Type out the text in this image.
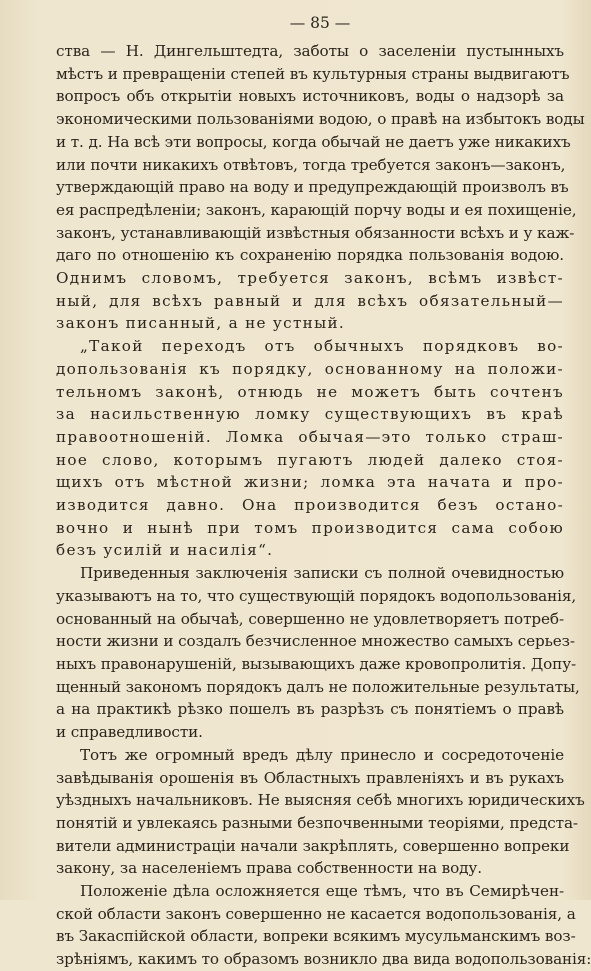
— 85 —

ства — Н. Дингельштедта, заботы о заселеніи пустынныхъ
мѣстъ и превращеніи степей въ культурныя страны выдвигаютъ
вопросъ объ открытіи новыхъ источниковъ, воды о надзорѣ за
экономическими пользованіями водою, о правѣ на избытокъ воды
и т. д. На всѣ эти вопросы, когда обычай не даетъ уже никакихъ
или почти никакихъ отвѣтовъ, тогда требуется законъ—законъ,
утверждающій право на воду и предупреждающій произволъ въ
ея распредѣленіи; законъ, карающій порчу воды и ея похищеніе,
законъ, устанавливающій извѣстныя обязанности всѣхъ и у каж-
даго по отношенію къ сохраненію порядка пользованія водою.
Однимъ словомъ, требуется законъ, всѣмъ извѣст-
ный, для всѣхъ равный и для всѣхъ обязательный—
законъ писанный, а не устный.

„Такой переходъ отъ обычныхъ порядковъ во-
допользованія къ порядку, основанному на положи-
тельномъ законѣ, отнюдь не можетъ быть сочтенъ
за насильственную ломку существующихъ въ краѣ
правоотношеній. Ломка обычая—это только страш-
ное слово, которымъ пугаютъ людей далеко стоя-
щихъ отъ мѣстной жизни; ломка эта начата и про-
изводится давно. Она производится безъ остано-
вочно и нынѣ при томъ производится сама собою
безъ усилій и насилія“.

Приведенныя заключенія записки съ полной очевидностью
указываютъ на то, что существующій порядокъ водопользованія,
основанный на обычаѣ, совершенно не удовлетворяетъ потреб-
ности жизни и создалъ безчисленное множество самыхъ серьез-
ныхъ правонарушеній, вызывающихъ даже кровопролитія. Допу-
щенный закономъ порядокъ далъ не положительные результаты,
а на практикѣ рѣзко пошелъ въ разрѣзъ съ понятіемъ о правѣ
и справедливости.

Тотъ же огромный вредъ дѣлу принесло и сосредоточеніе
завѣдыванія орошенія въ Областныхъ правленіяхъ и въ рукахъ
уѣздныхъ начальниковъ. Не выясняя себѣ многихъ юридическихъ
понятій и увлекаясь разными безпочвенными теоріями, предста-
вители администраціи начали закрѣплять, совершенно вопреки
закону, за населеніемъ права собственности на воду.

Положеніе дѣла осложняется еще тѣмъ, что въ Семирѣчен-
ской области законъ совершенно не касается водопользованія, а
въ Закаспійской области, вопреки всякимъ мусульманскимъ воз-
зрѣніямъ, какимъ то образомъ возникло два вида водопользованія:
